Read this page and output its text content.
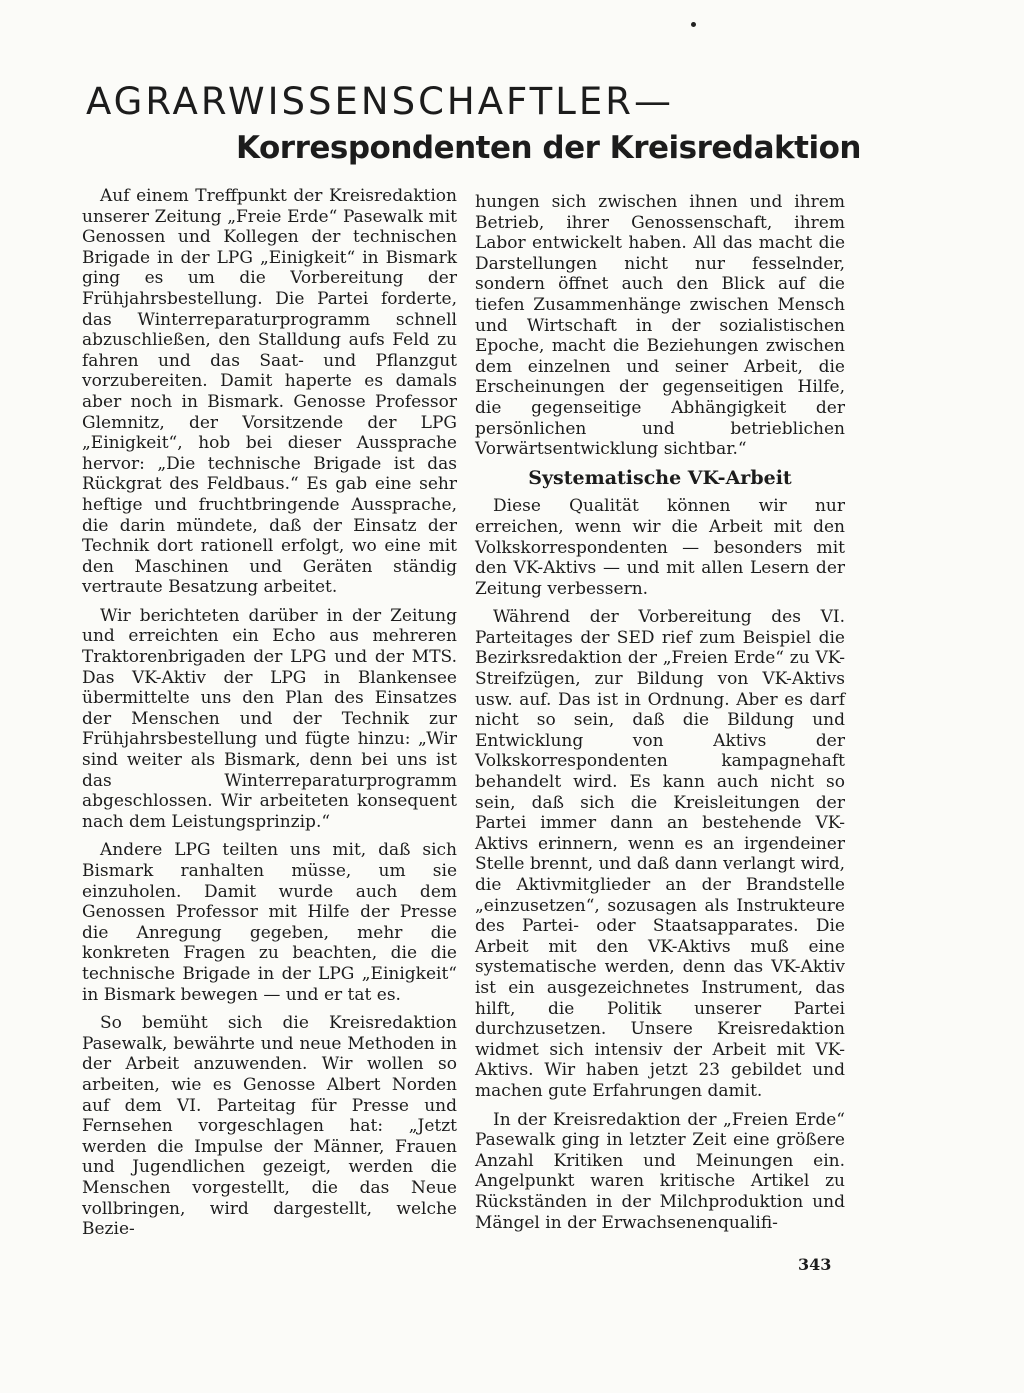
AGRARWISSENSCHAFTLER—
Korrespondenten der Kreisredaktion

Auf einem Treffpunkt der Kreisredaktion unserer Zeitung „Freie Erde“ Pasewalk mit Genossen und Kollegen der technischen Brigade in der LPG „Einigkeit“ in Bismark ging es um die Vorbereitung der Frühjahrsbestellung. Die Partei forderte, das Winterreparaturprogramm schnell abzuschließen, den Stalldung aufs Feld zu fahren und das Saat- und Pflanzgut vorzubereiten. Damit haperte es damals aber noch in Bismark. Genosse Professor Glemnitz, der Vorsitzende der LPG „Einigkeit“, hob bei dieser Aussprache hervor: „Die technische Brigade ist das Rückgrat des Feldbaus.“ Es gab eine sehr heftige und fruchtbringende Aussprache, die darin mündete, daß der Einsatz der Technik dort rationell erfolgt, wo eine mit den Maschinen und Geräten ständig vertraute Besatzung arbeitet.

Wir berichteten darüber in der Zeitung und erreichten ein Echo aus mehreren Traktorenbrigaden der LPG und der MTS. Das VK-Aktiv der LPG in Blankensee übermittelte uns den Plan des Einsatzes der Menschen und der Technik zur Frühjahrsbestellung und fügte hinzu: „Wir sind weiter als Bismark, denn bei uns ist das Winterreparaturprogramm abgeschlossen. Wir arbeiteten konsequent nach dem Leistungsprinzip.“

Andere LPG teilten uns mit, daß sich Bismark ranhalten müsse, um sie einzuholen. Damit wurde auch dem Genossen Professor mit Hilfe der Presse die Anregung gegeben, mehr die konkreten Fragen zu beachten, die die technische Brigade in der LPG „Einigkeit“ in Bismark bewegen — und er tat es.

So bemüht sich die Kreisredaktion Pasewalk, bewährte und neue Methoden in der Arbeit anzuwenden. Wir wollen so arbeiten, wie es Genosse Albert Norden auf dem VI. Parteitag für Presse und Fernsehen vorgeschlagen hat: „Jetzt werden die Impulse der Männer, Frauen und Jugendlichen gezeigt, werden die Menschen vorgestellt, die das Neue vollbringen, wird dargestellt, welche Bezie-

hungen sich zwischen ihnen und ihrem Betrieb, ihrer Genossenschaft, ihrem Labor entwickelt haben. All das macht die Darstellungen nicht nur fesselnder, sondern öffnet auch den Blick auf die tiefen Zusammenhänge zwischen Mensch und Wirtschaft in der sozialistischen Epoche, macht die Beziehungen zwischen dem einzelnen und seiner Arbeit, die Erscheinungen der gegenseitigen Hilfe, die gegenseitige Abhängigkeit der persönlichen und betrieblichen Vorwärtsentwicklung sichtbar.“

Systematische VK-Arbeit

Diese Qualität können wir nur erreichen, wenn wir die Arbeit mit den Volkskorrespondenten — besonders mit den VK-Aktivs — und mit allen Lesern der Zeitung verbessern.

Während der Vorbereitung des VI. Parteitages der SED rief zum Beispiel die Bezirksredaktion der „Freien Erde“ zu VK-Streifzügen, zur Bildung von VK-Aktivs usw. auf. Das ist in Ordnung. Aber es darf nicht so sein, daß die Bildung und Entwicklung von Aktivs der Volkskorrespondenten kampagnehaft behandelt wird. Es kann auch nicht so sein, daß sich die Kreisleitungen der Partei immer dann an bestehende VK-Aktivs erinnern, wenn es an irgendeiner Stelle brennt, und daß dann verlangt wird, die Aktivmitglieder an der Brandstelle „einzusetzen“, sozusagen als Instrukteure des Partei- oder Staatsapparates. Die Arbeit mit den VK-Aktivs muß eine systematische werden, denn das VK-Aktiv ist ein ausgezeichnetes Instrument, das hilft, die Politik unserer Partei durchzusetzen. Unsere Kreisredaktion widmet sich intensiv der Arbeit mit VK-Aktivs. Wir haben jetzt 23 gebildet und machen gute Erfahrungen damit.

In der Kreisredaktion der „Freien Erde“ Pasewalk ging in letzter Zeit eine größere Anzahl Kritiken und Meinungen ein. Angelpunkt waren kritische Artikel zu Rückständen in der Milchproduktion und Mängel in der Erwachsenenqualifi-

343
